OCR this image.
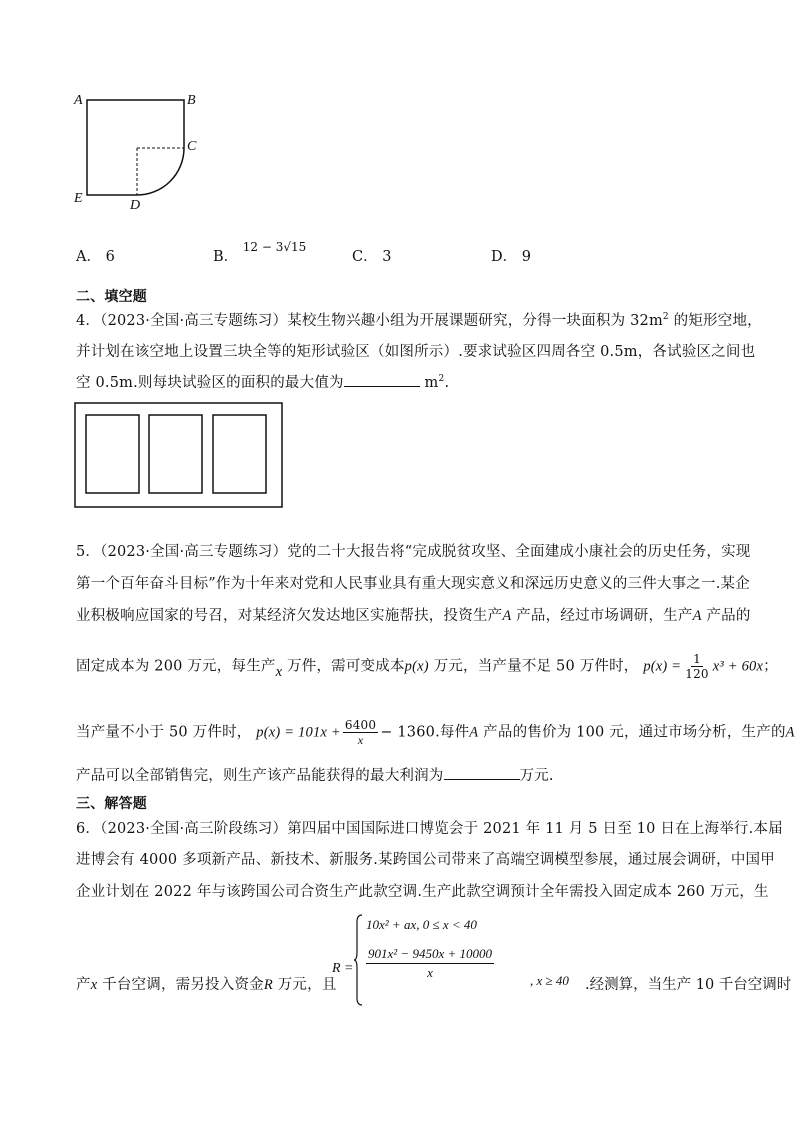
A	B
C
D
E
A． 6	B． $^{12 - 3√15}$
C． 3	D． 9
二、填空题
4．（2023·全国·高三专题练习）某校生物兴趣小组为开展课题研究，分得一块面积为 $32m^2$ 的矩形空地，
并计划在该空地上设置三块全等的矩形试验区（如图所示）.要求试验区四周各空 0.5m，各试验区之间也
空 0.5m.则每块试验区的面积的最大值为	$m^2$.
5．（2023·全国·高三专题练习）党的二十大报告将“完成脱贫攻坚、全面建成小康社会的历史任务，实现
第一个百年奋斗目标”作为十年来对党和人民事业具有重大现实意义和深远历史意义的三件大事之一.某企
业积极响应国家的号召，对某经济欠发达地区实施帮扶，投资生产A 产品，经过市场调研，生产A 产品的
固定成本为 200 万元，每生产x 万件，需可变成本p(x) 万元，当产量不足 50 万件时， $p(x) = \frac{1}{120} x^3 + 60x$；
当产量不小于 50 万件时， $p(x) = 101x + \frac{6400}{x} - 1360$.每件A 产品的售价为 100 元，通过市场分析，生产的A
产品可以全部销售完，则生产该产品能获得的最大利润为	万元.
三、解答题
6．（2023·全国·高三阶段练习）第四届中国国际进口博览会于 2021 年 11 月 5 日至 10 日在上海举行.本届
进博会有 4000 多项新产品、新技术、新服务.某跨国公司带来了高端空调模型参展，通过展会调研，中国甲
企业计划在 2022 年与该跨国公司合资生产此款空调.生产此款空调预计全年需投入固定成本 260 万元，生
产x 千台空调，需另投入资金R 万元，且
R =
10x² + ax, 0 ≤ x < 40
$\frac{\text{901x² − 9450x + 10000}}{x}$	, x ≥ 40 .经测算，当生产 10 千台空调时
